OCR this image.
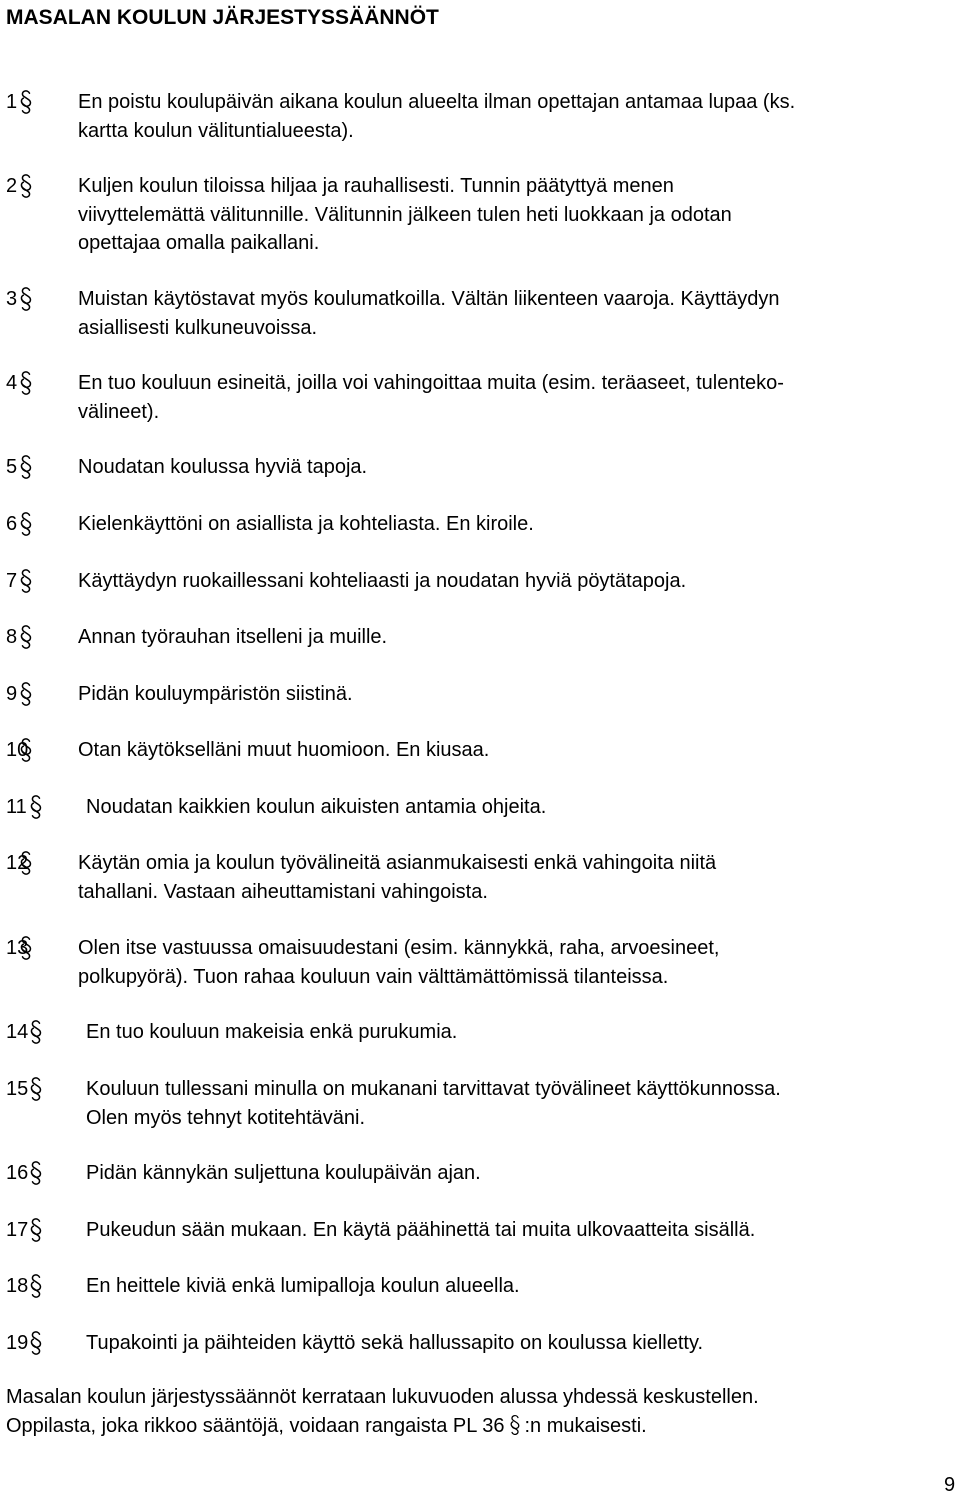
MASALAN KOULUN JÄRJESTYSSÄÄNNÖT
1	En poistu koulupäivän aikana koulun alueelta ilman opettajan antamaa lupaa (ks.
kartta koulun välituntialueesta).
2	Kuljen koulun tiloissa hiljaa ja rauhallisesti. Tunnin päätyttyä menen
viivyttelemättä välitunnille. Välitunnin jälkeen tulen heti luokkaan ja odotan
opettajaa omalla paikallani.
3	Muistan käytöstavat myös koulumatkoilla. Vältän liikenteen vaaroja. Käyttäydyn
asiallisesti kulkuneuvoissa.
4	En tuo kouluun esineitä, joilla voi vahingoittaa muita (esim. teräaseet, tulenteko-
välineet).
5	Noudatan koulussa hyviä tapoja.
6	Kielenkäyttöni on asiallista ja kohteliasta. En kiroile.
7	Käyttäydyn ruokaillessani kohteliaasti ja noudatan hyviä pöytätapoja.
8	Annan työrauhan itselleni ja muille.
9	Pidän kouluympäristön siistinä.
10 Otan käytökselläni muut huomioon. En kiusaa.
11	Noudatan kaikkien koulun aikuisten antamia ohjeita.
12 Käytän omia ja koulun työvälineitä asianmukaisesti enkä vahingoita niitä
tahallani. Vastaan aiheuttamistani vahingoista.
13 Olen itse vastuussa omaisuudestani (esim. kännykkä, raha, arvoesineet,
polkupyörä). Tuon rahaa kouluun vain välttämättömissä tilanteissa.
14	En tuo kouluun makeisia enkä purukumia.
15	Kouluun tullessani minulla on mukanani tarvittavat työvälineet käyttökunnossa.
Olen myös tehnyt kotitehtäväni.
16	Pidän kännykän suljettuna koulupäivän ajan.
17	Pukeudun sään mukaan. En käytä päähinettä tai muita ulkovaatteita sisällä.
18	En heittele kiviä enkä lumipalloja koulun alueella.
19	Tupakointi ja päihteiden käyttö sekä hallussapito on koulussa kielletty.
Masalan koulun järjestyssäännöt kerrataan lukuvuoden alussa yhdessä keskustellen.
Oppilasta, joka rikkoo sääntöjä, voidaan rangaista PL 36 :n mukaisesti.
9
